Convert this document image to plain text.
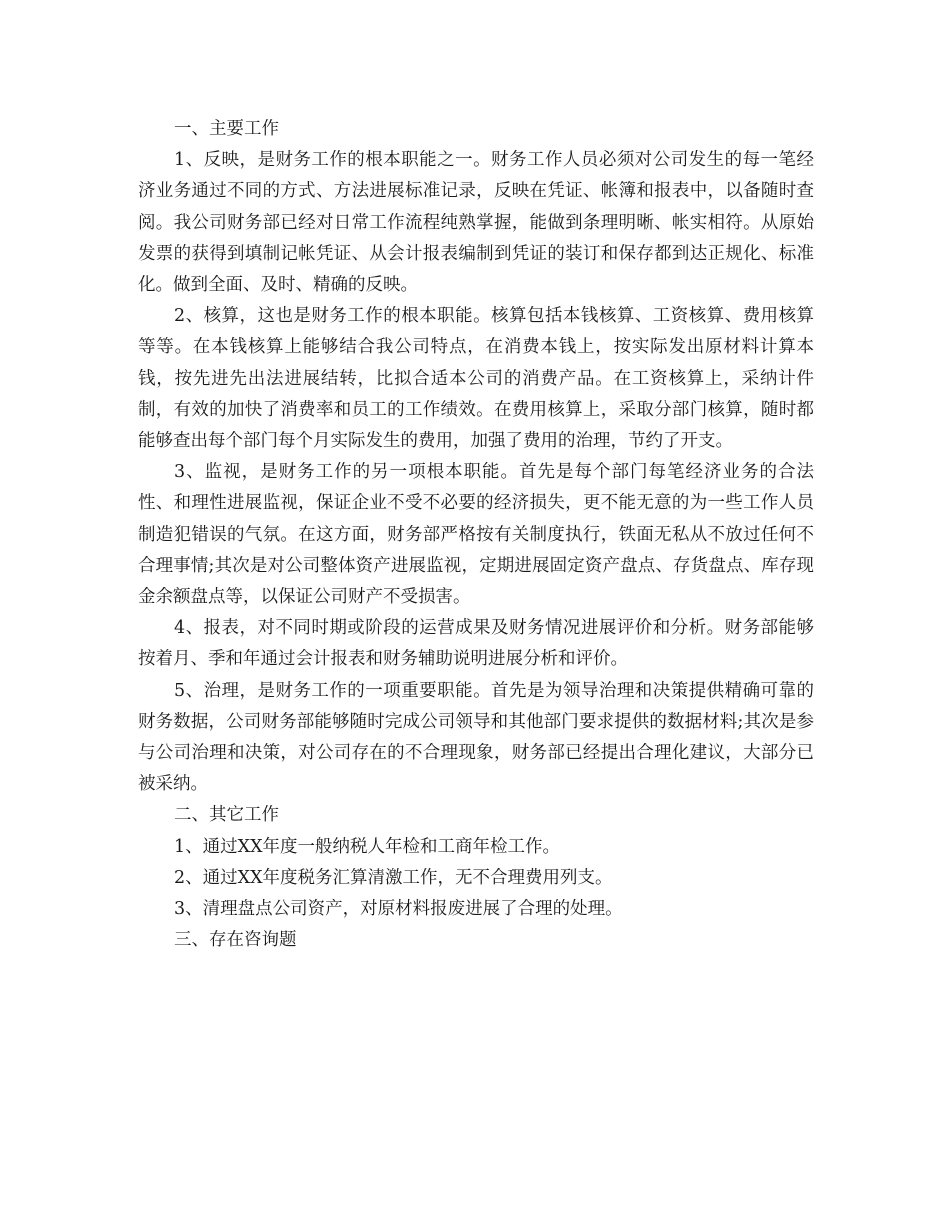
一、主要工作

1、反映，是财务工作的根本职能之一。财务工作人员必须对公司发生的每一笔经济业务通过不同的方式、方法进展标准记录，反映在凭证、帐簿和报表中，以备随时查阅。我公司财务部已经对日常工作流程纯熟掌握，能做到条理明晰、帐实相符。从原始发票的获得到填制记帐凭证、从会计报表编制到凭证的装订和保存都到达正规化、标准化。做到全面、及时、精确的反映。

2、核算，这也是财务工作的根本职能。核算包括本钱核算、工资核算、费用核算等等。在本钱核算上能够结合我公司特点，在消费本钱上，按实际发出原材料计算本钱，按先进先出法进展结转，比拟合适本公司的消费产品。在工资核算上，采纳计件制，有效的加快了消费率和员工的工作绩效。在费用核算上，采取分部门核算，随时都能够查出每个部门每个月实际发生的费用，加强了费用的治理，节约了开支。

3、监视，是财务工作的另一项根本职能。首先是每个部门每笔经济业务的合法性、和理性进展监视，保证企业不受不必要的经济损失，更不能无意的为一些工作人员制造犯错误的气氛。在这方面，财务部严格按有关制度执行，铁面无私从不放过任何不合理事情;其次是对公司整体资产进展监视，定期进展固定资产盘点、存货盘点、库存现金余额盘点等，以保证公司财产不受损害。

4、报表，对不同时期或阶段的运营成果及财务情况进展评价和分析。财务部能够按着月、季和年通过会计报表和财务辅助说明进展分析和评价。

5、治理，是财务工作的一项重要职能。首先是为领导治理和决策提供精确可靠的财务数据，公司财务部能够随时完成公司领导和其他部门要求提供的数据材料;其次是参与公司治理和决策，对公司存在的不合理现象，财务部已经提出合理化建议，大部分已被采纳。

二、其它工作

1、通过XX年度一般纳税人年检和工商年检工作。

2、通过XX年度税务汇算清激工作，无不合理费用列支。

3、清理盘点公司资产，对原材料报废进展了合理的处理。

三、存在咨询题
